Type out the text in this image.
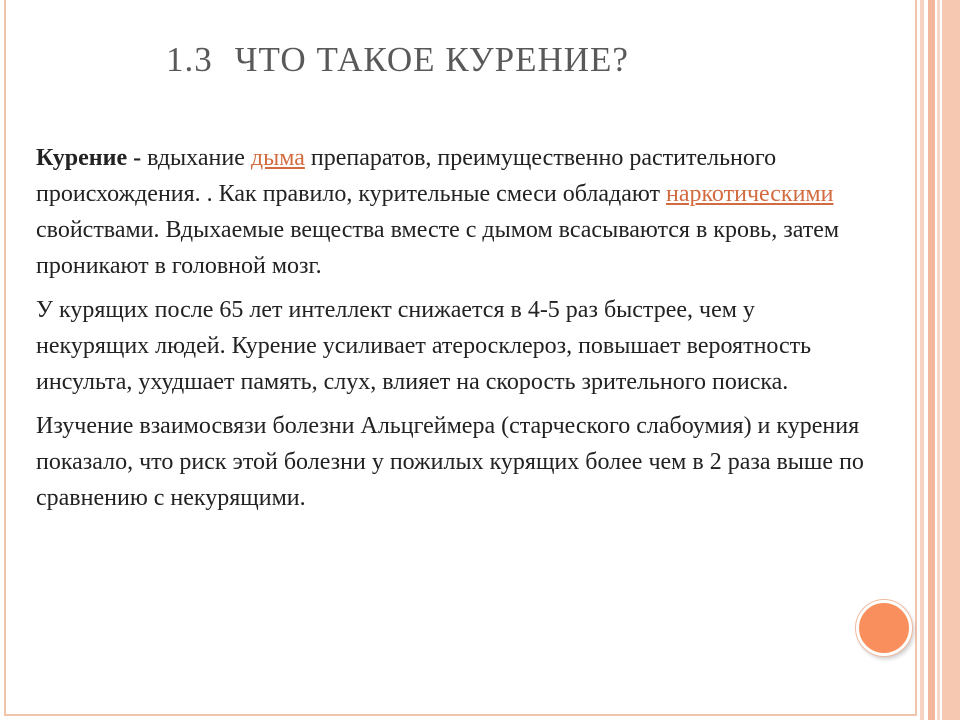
1.3 ЧТО ТАКОЕ КУРЕНИЕ?

Курение - вдыхание дыма препаратов, преимущественно растительного происхождения. . Как правило, курительные смеси обладают наркотическими свойствами. Вдыхаемые вещества вместе с дымом всасываются в кровь, затем проникают в головной мозг.

У курящих после 65 лет интеллект снижается в 4-5 раз быстрее, чем у некурящих людей. Курение усиливает атеросклероз, повышает вероятность инсульта, ухудшает память, слух, влияет на скорость зрительного поиска.

Изучение взаимосвязи болезни Альцгеймера (старческого слабоумия) и курения показало, что риск этой болезни у пожилых курящих более чем в 2 раза выше по сравнению с некурящими.
